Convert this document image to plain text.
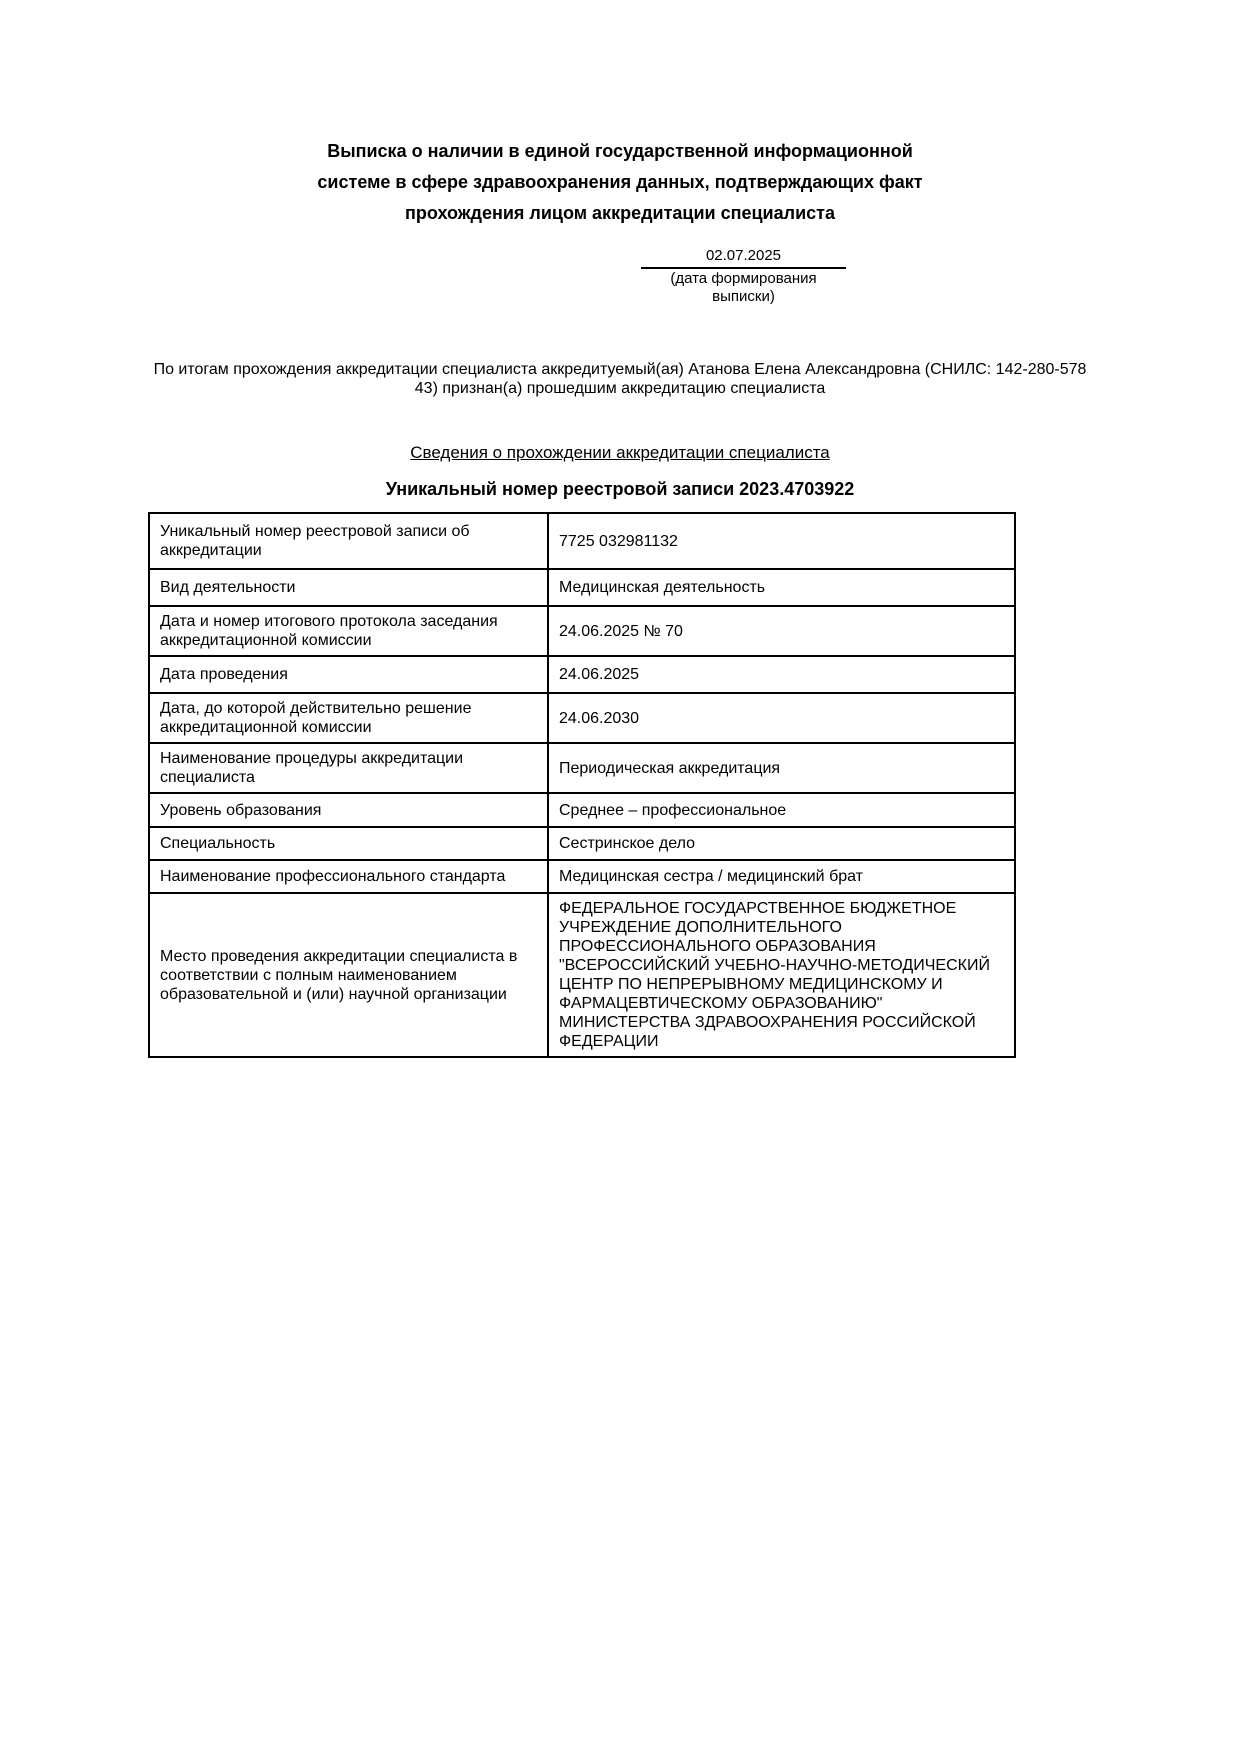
Выписка о наличии в единой государственной информационной
системе в сфере здравоохранения данных, подтверждающих факт
прохождения лицом аккредитации специалиста
02.07.2025
(дата формирования выписки)
По итогам прохождения аккредитации специалиста аккредитуемый(ая) Атанова Елена Александровна (СНИЛС: 142-280-578
43) признан(а) прошедшим аккредитацию специалиста
Сведения о прохождении аккредитации специалиста
Уникальный номер реестровой записи 2023.4703922
Уникальный номер реестровой записи об аккредитации	7725 032981132
Вид деятельности	Медицинская деятельность
Дата и номер итогового протокола заседания аккредитационной комиссии	24.06.2025 № 70
Дата проведения	24.06.2025
Дата, до которой действительно решение аккредитационной комиссии	24.06.2030
Наименование процедуры аккредитации специалиста	Периодическая аккредитация
Уровень образования	Среднее – профессиональное
Специальность	Сестринское дело
Наименование профессионального стандарта	Медицинская сестра / медицинский брат
Место проведения аккредитации специалиста в соответствии с полным наименованием образовательной и (или) научной организации	ФЕДЕРАЛЬНОЕ ГОСУДАРСТВЕННОЕ БЮДЖЕТНОЕ УЧРЕЖДЕНИЕ ДОПОЛНИТЕЛЬНОГО ПРОФЕССИОНАЛЬНОГО ОБРАЗОВАНИЯ "ВСЕРОССИЙСКИЙ УЧЕБНО-НАУЧНО-МЕТОДИЧЕСКИЙ ЦЕНТР ПО НЕПРЕРЫВНОМУ МЕДИЦИНСКОМУ И ФАРМАЦЕВТИЧЕСКОМУ ОБРАЗОВАНИЮ" МИНИСТЕРСТВА ЗДРАВООХРАНЕНИЯ РОССИЙСКОЙ ФЕДЕРАЦИИ
